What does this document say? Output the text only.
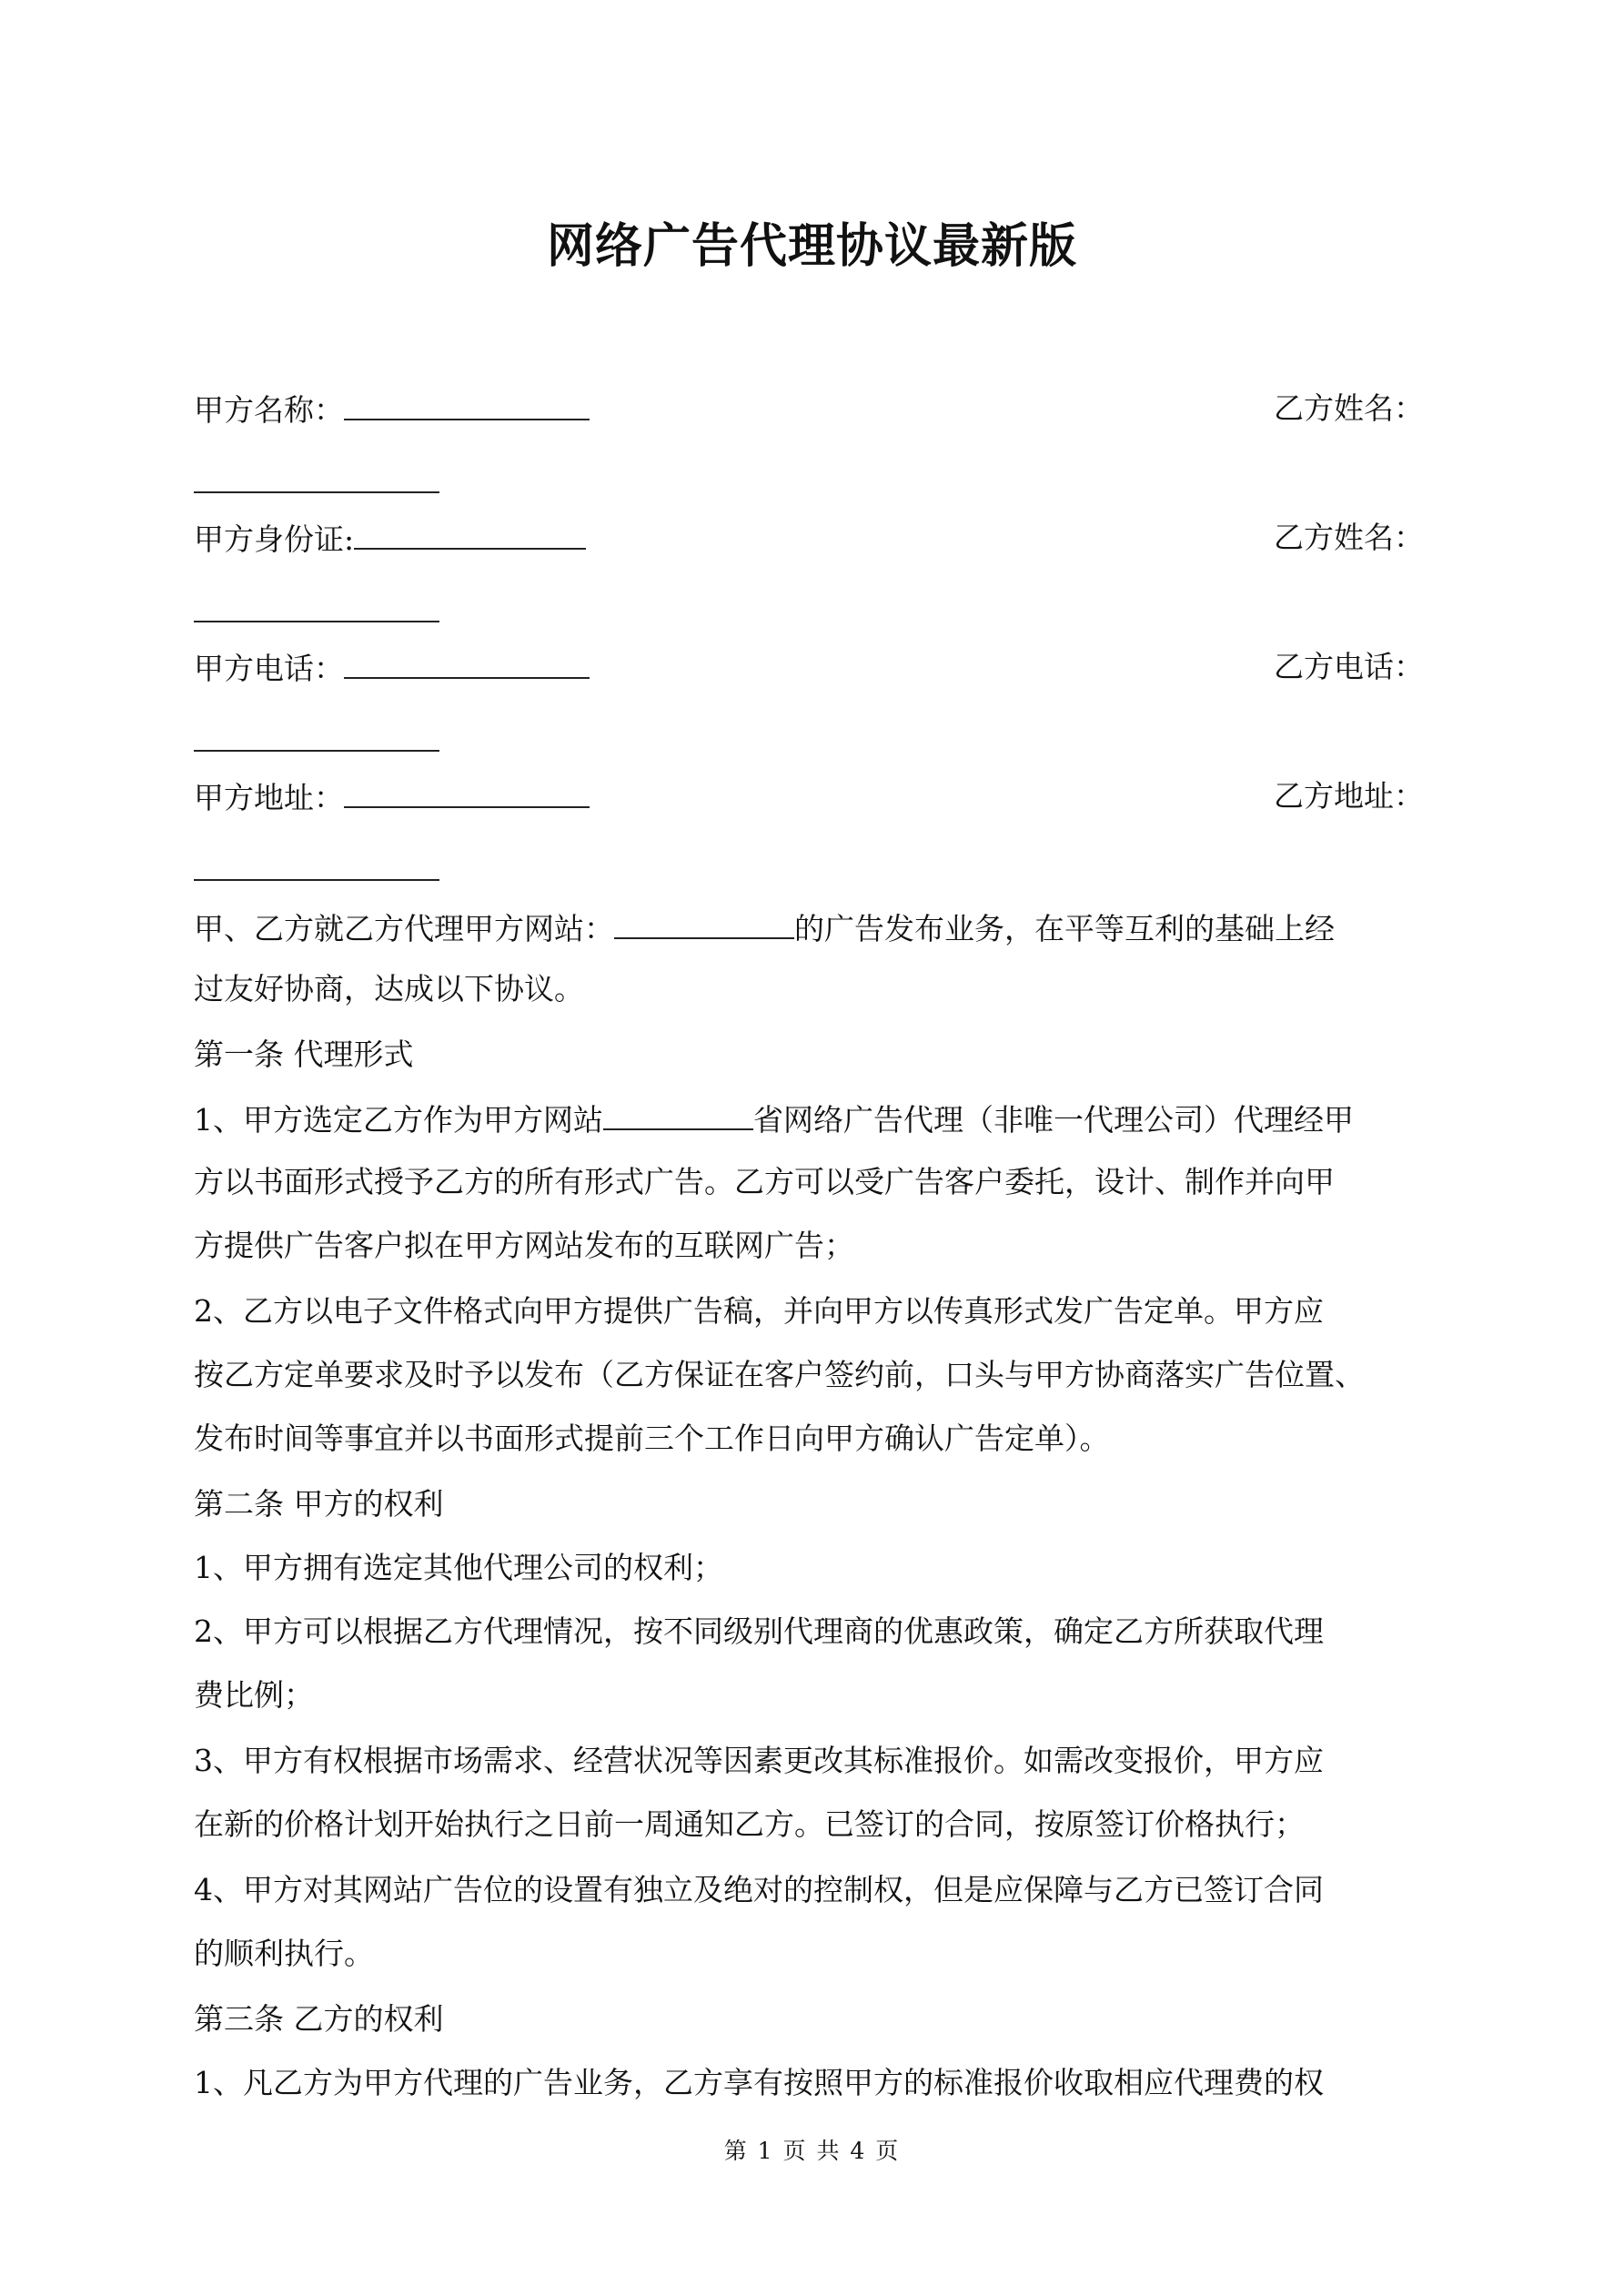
网络广告代理协议最新版
甲方名称：	乙方姓名：
甲方身份证:	乙方姓名：
甲方电话：	乙方电话：
甲方地址：	乙方地址：
甲、乙方就乙方代理甲方网站：	的广告发布业务，在平等互利的基础上经
过友好协商，达成以下协议。
第一条 代理形式
1、甲方选定乙方作为甲方网站	省网络广告代理（非唯一代理公司）代理经甲
方以书面形式授予乙方的所有形式广告。乙方可以受广告客户委托，设计、制作并向甲
方提供广告客户拟在甲方网站发布的互联网广告；
2、乙方以电子文件格式向甲方提供广告稿，并向甲方以传真形式发广告定单。甲方应
按乙方定单要求及时予以发布（乙方保证在客户签约前，口头与甲方协商落实广告位置、
发布时间等事宜并以书面形式提前三个工作日向甲方确认广告定单）。
第二条 甲方的权利
1、甲方拥有选定其他代理公司的权利；
2、甲方可以根据乙方代理情况，按不同级别代理商的优惠政策，确定乙方所获取代理
费比例；
3、甲方有权根据市场需求、经营状况等因素更改其标准报价。如需改变报价，甲方应
在新的价格计划开始执行之日前一周通知乙方。已签订的合同，按原签订价格执行；
4、甲方对其网站广告位的设置有独立及绝对的控制权，但是应保障与乙方已签订合同
的顺利执行。
第三条 乙方的权利
1、凡乙方为甲方代理的广告业务，乙方享有按照甲方的标准报价收取相应代理费的权
第 1 页 共 4 页
